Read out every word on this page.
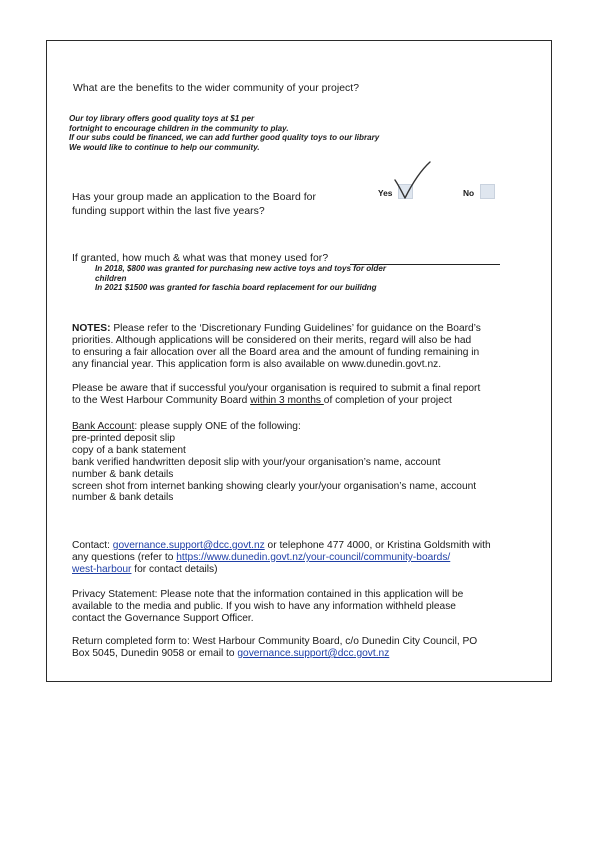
What are the benefits to the wider community of your project?
Our toy library offers good quality toys at $1 per
fortnight to encourage children in the community to play.
If our subs could be financed, we can add further good quality toys to our library
We would like to continue to help our community.
Has your group made an application to the Board for
funding support within the last five years?
Yes	No
If granted, how much & what was that money used for?
In 2018, $800 was granted for purchasing new active toys and toys for older
children
In 2021 $1500 was granted for faschia board replacement for our builidng
NOTES: Please refer to the ‘Discretionary Funding Guidelines’ for guidance on the Board’s
priorities. Although applications will be considered on their merits, regard will also be had
to ensuring a fair allocation over all the Board area and the amount of funding remaining in
any financial year. This application form is also available on www.dunedin.govt.nz.
Please be aware that if successful you/your organisation is required to submit a final report
to the West Harbour Community Board within 3 months of completion of your project
Bank Account: please supply ONE of the following:
pre-printed deposit slip
copy of a bank statement
bank verified handwritten deposit slip with your/your organisation’s name, account
number & bank details
screen shot from internet banking showing clearly your/your organisation’s name, account
number & bank details
Contact: governance.support@dcc.govt.nz or telephone 477 4000, or Kristina Goldsmith with
any questions (refer to https://www.dunedin.govt.nz/your-council/community-boards/
west-harbour for contact details)
Privacy Statement: Please note that the information contained in this application will be
available to the media and public. If you wish to have any information withheld please
contact the Governance Support Officer.
Return completed form to: West Harbour Community Board, c/o Dunedin City Council, PO
Box 5045, Dunedin 9058 or email to governance.support@dcc.govt.nz
